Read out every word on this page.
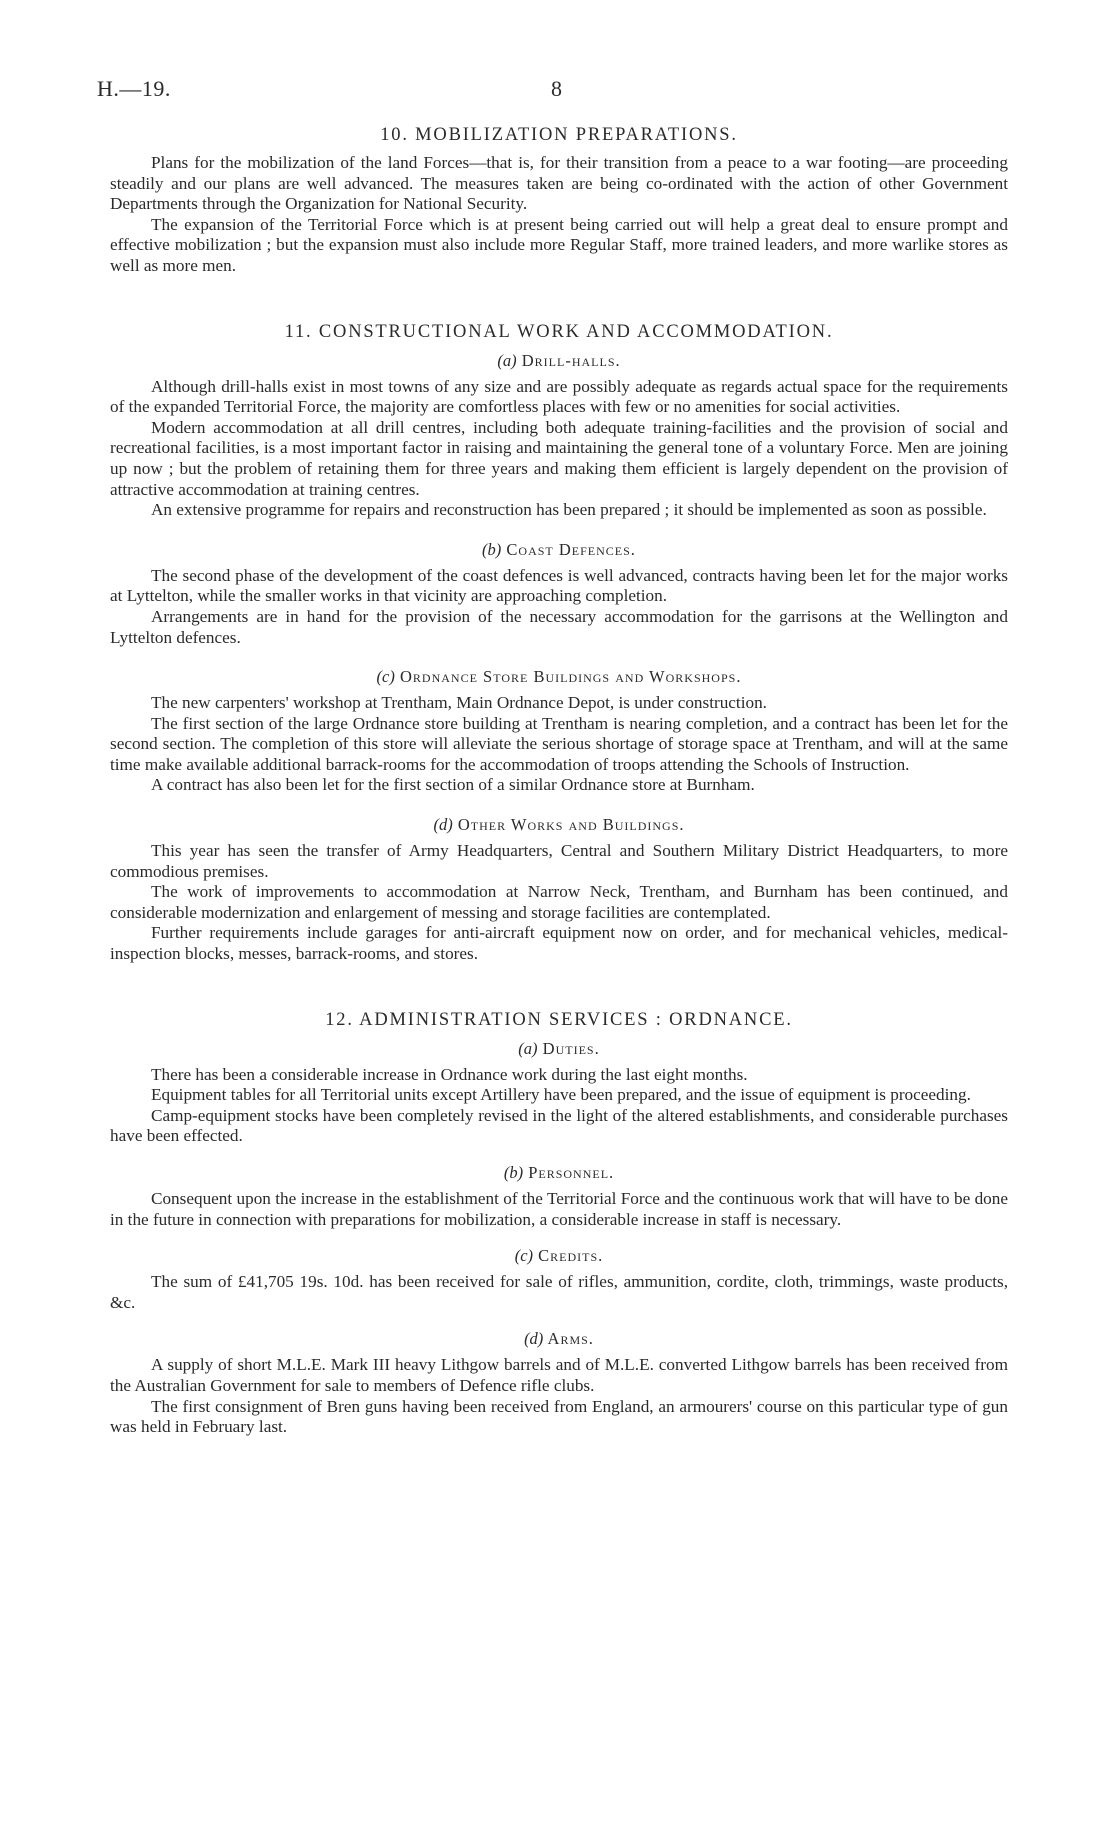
H.—19.	8
10. MOBILIZATION PREPARATIONS.

Plans for the mobilization of the land Forces—that is, for their transition from a peace to a war footing—are proceeding steadily and our plans are well advanced. The measures taken are being co-ordinated with the action of other Government Departments through the Organization for National Security.

The expansion of the Territorial Force which is at present being carried out will help a great deal to ensure prompt and effective mobilization ; but the expansion must also include more Regular Staff, more trained leaders, and more warlike stores as well as more men.

11. CONSTRUCTIONAL WORK AND ACCOMMODATION.
(a) Drill-halls.

Although drill-halls exist in most towns of any size and are possibly adequate as regards actual space for the requirements of the expanded Territorial Force, the majority are comfortless places with few or no amenities for social activities.

Modern accommodation at all drill centres, including both adequate training-facilities and the provision of social and recreational facilities, is a most important factor in raising and maintaining the general tone of a voluntary Force. Men are joining up now ; but the problem of retaining them for three years and making them efficient is largely dependent on the provision of attractive accommodation at training centres.

An extensive programme for repairs and reconstruction has been prepared ; it should be implemented as soon as possible.

(b) Coast Defences.

The second phase of the development of the coast defences is well advanced, contracts having been let for the major works at Lyttelton, while the smaller works in that vicinity are approaching completion.

Arrangements are in hand for the provision of the necessary accommodation for the garrisons at the Wellington and Lyttelton defences.

(c) Ordnance Store Buildings and Workshops.

The new carpenters' workshop at Trentham, Main Ordnance Depot, is under construction.

The first section of the large Ordnance store building at Trentham is nearing completion, and a contract has been let for the second section. The completion of this store will alleviate the serious shortage of storage space at Trentham, and will at the same time make available additional barrack-rooms for the accommodation of troops attending the Schools of Instruction.

A contract has also been let for the first section of a similar Ordnance store at Burnham.

(d) Other Works and Buildings.

This year has seen the transfer of Army Headquarters, Central and Southern Military District Headquarters, to more commodious premises.

The work of improvements to accommodation at Narrow Neck, Trentham, and Burnham has been continued, and considerable modernization and enlargement of messing and storage facilities are contemplated.

Further requirements include garages for anti-aircraft equipment now on order, and for mechanical vehicles, medical-inspection blocks, messes, barrack-rooms, and stores.

12. ADMINISTRATION SERVICES : ORDNANCE.
(a) Duties.

There has been a considerable increase in Ordnance work during the last eight months.

Equipment tables for all Territorial units except Artillery have been prepared, and the issue of equipment is proceeding.

Camp-equipment stocks have been completely revised in the light of the altered establishments, and considerable purchases have been effected.

(b) Personnel.

Consequent upon the increase in the establishment of the Territorial Force and the continuous work that will have to be done in the future in connection with preparations for mobilization, a considerable increase in staff is necessary.

(c) Credits.

The sum of £41,705 19s. 10d. has been received for sale of rifles, ammunition, cordite, cloth, trimmings, waste products, &c.

(d) Arms.

A supply of short M.L.E. Mark III heavy Lithgow barrels and of M.L.E. converted Lithgow barrels has been received from the Australian Government for sale to members of Defence rifle clubs.

The first consignment of Bren guns having been received from England, an armourers' course on this particular type of gun was held in February last.
